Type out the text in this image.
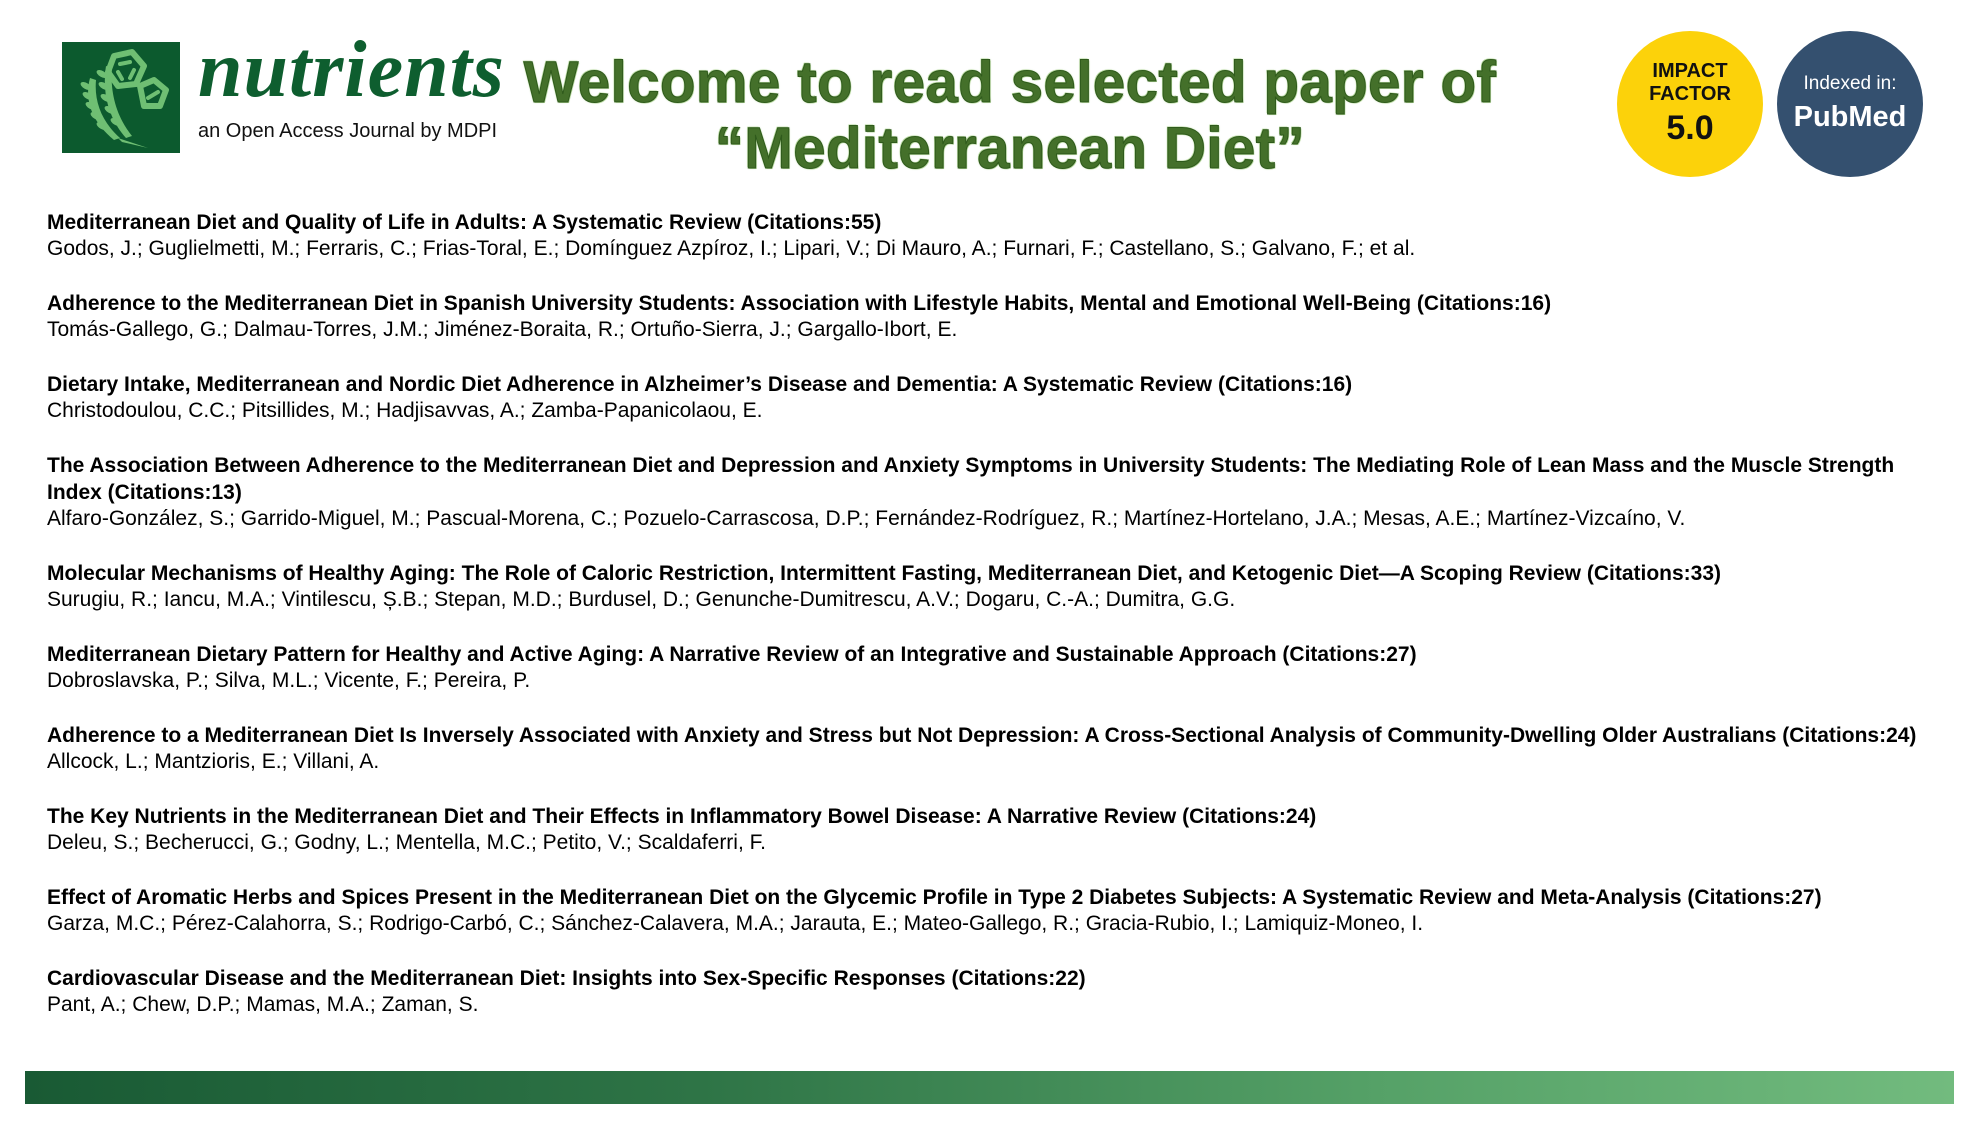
nutrients
an Open Access Journal by MDPI
Welcome to read selected paper of
“Mediterranean Diet”
IMPACT
FACTOR
5.0
Indexed in:
PubMed
Mediterranean Diet and Quality of Life in Adults: A Systematic Review (Citations:55)
Godos, J.; Guglielmetti, M.; Ferraris, C.; Frias-Toral, E.; Domínguez Azpíroz, I.; Lipari, V.; Di Mauro, A.; Furnari, F.; Castellano, S.; Galvano, F.; et al.
Adherence to the Mediterranean Diet in Spanish University Students: Association with Lifestyle Habits, Mental and Emotional Well-Being (Citations:16)
Tomás-Gallego, G.; Dalmau-Torres, J.M.; Jiménez-Boraita, R.; Ortuño-Sierra, J.; Gargallo-Ibort, E.
Dietary Intake, Mediterranean and Nordic Diet Adherence in Alzheimer’s Disease and Dementia: A Systematic Review (Citations:16)
Christodoulou, C.C.; Pitsillides, M.; Hadjisavvas, A.; Zamba-Papanicolaou, E.
The Association Between Adherence to the Mediterranean Diet and Depression and Anxiety Symptoms in University Students: The Mediating Role of Lean Mass and the Muscle Strength Index (Citations:13)
Alfaro-González, S.; Garrido-Miguel, M.; Pascual-Morena, C.; Pozuelo-Carrascosa, D.P.; Fernández-Rodríguez, R.; Martínez-Hortelano, J.A.; Mesas, A.E.; Martínez-Vizcaíno, V.
Molecular Mechanisms of Healthy Aging: The Role of Caloric Restriction, Intermittent Fasting, Mediterranean Diet, and Ketogenic Diet—A Scoping Review (Citations:33)
Surugiu, R.; Iancu, M.A.; Vintilescu, Ș.B.; Stepan, M.D.; Burdusel, D.; Genunche-Dumitrescu, A.V.; Dogaru, C.-A.; Dumitra, G.G.
Mediterranean Dietary Pattern for Healthy and Active Aging: A Narrative Review of an Integrative and Sustainable Approach (Citations:27)
Dobroslavska, P.; Silva, M.L.; Vicente, F.; Pereira, P.
Adherence to a Mediterranean Diet Is Inversely Associated with Anxiety and Stress but Not Depression: A Cross-Sectional Analysis of Community-Dwelling Older Australians (Citations:24)
Allcock, L.; Mantzioris, E.; Villani, A.
The Key Nutrients in the Mediterranean Diet and Their Effects in Inflammatory Bowel Disease: A Narrative Review (Citations:24)
Deleu, S.; Becherucci, G.; Godny, L.; Mentella, M.C.; Petito, V.; Scaldaferri, F.
Effect of Aromatic Herbs and Spices Present in the Mediterranean Diet on the Glycemic Profile in Type 2 Diabetes Subjects: A Systematic Review and Meta-Analysis (Citations:27)
Garza, M.C.; Pérez-Calahorra, S.; Rodrigo-Carbó, C.; Sánchez-Calavera, M.A.; Jarauta, E.; Mateo-Gallego, R.; Gracia-Rubio, I.; Lamiquiz-Moneo, I.
Cardiovascular Disease and the Mediterranean Diet: Insights into Sex-Specific Responses (Citations:22)
Pant, A.; Chew, D.P.; Mamas, M.A.; Zaman, S.
